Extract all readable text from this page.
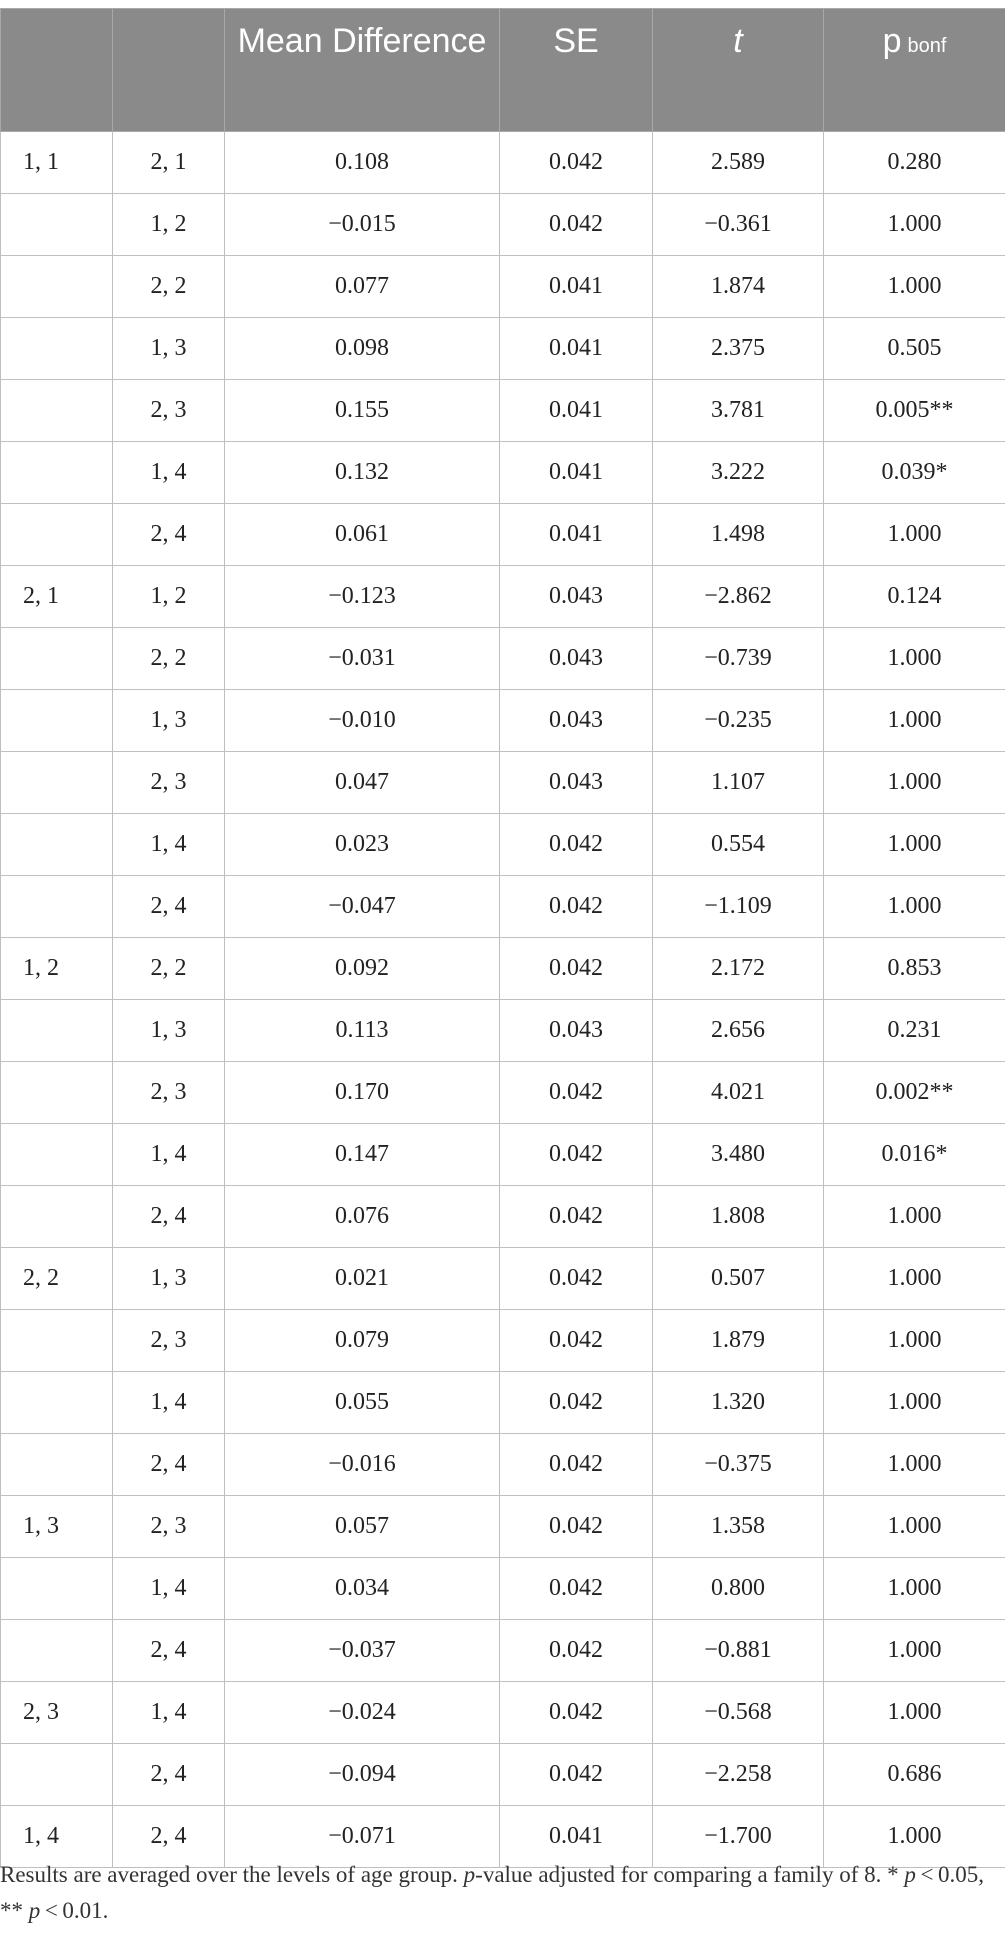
		Mean Difference	SE	t	p bonf
1, 1	2, 1	0.108	0.042	2.589	0.280
	1, 2	−0.015	0.042	−0.361	1.000
	2, 2	0.077	0.041	1.874	1.000
	1, 3	0.098	0.041	2.375	0.505
	2, 3	0.155	0.041	3.781	0.005**
	1, 4	0.132	0.041	3.222	0.039*
	2, 4	0.061	0.041	1.498	1.000
2, 1	1, 2	−0.123	0.043	−2.862	0.124
	2, 2	−0.031	0.043	−0.739	1.000
	1, 3	−0.010	0.043	−0.235	1.000
	2, 3	0.047	0.043	1.107	1.000
	1, 4	0.023	0.042	0.554	1.000
	2, 4	−0.047	0.042	−1.109	1.000
1, 2	2, 2	0.092	0.042	2.172	0.853
	1, 3	0.113	0.043	2.656	0.231
	2, 3	0.170	0.042	4.021	0.002**
	1, 4	0.147	0.042	3.480	0.016*
	2, 4	0.076	0.042	1.808	1.000
2, 2	1, 3	0.021	0.042	0.507	1.000
	2, 3	0.079	0.042	1.879	1.000
	1, 4	0.055	0.042	1.320	1.000
	2, 4	−0.016	0.042	−0.375	1.000
1, 3	2, 3	0.057	0.042	1.358	1.000
	1, 4	0.034	0.042	0.800	1.000
	2, 4	−0.037	0.042	−0.881	1.000
2, 3	1, 4	−0.024	0.042	−0.568	1.000
	2, 4	−0.094	0.042	−2.258	0.686
1, 4	2, 4	−0.071	0.041	−1.700	1.000
Results are averaged over the levels of age group. p-value adjusted for comparing a family of 8. * p < 0.05, ** p < 0.01.
